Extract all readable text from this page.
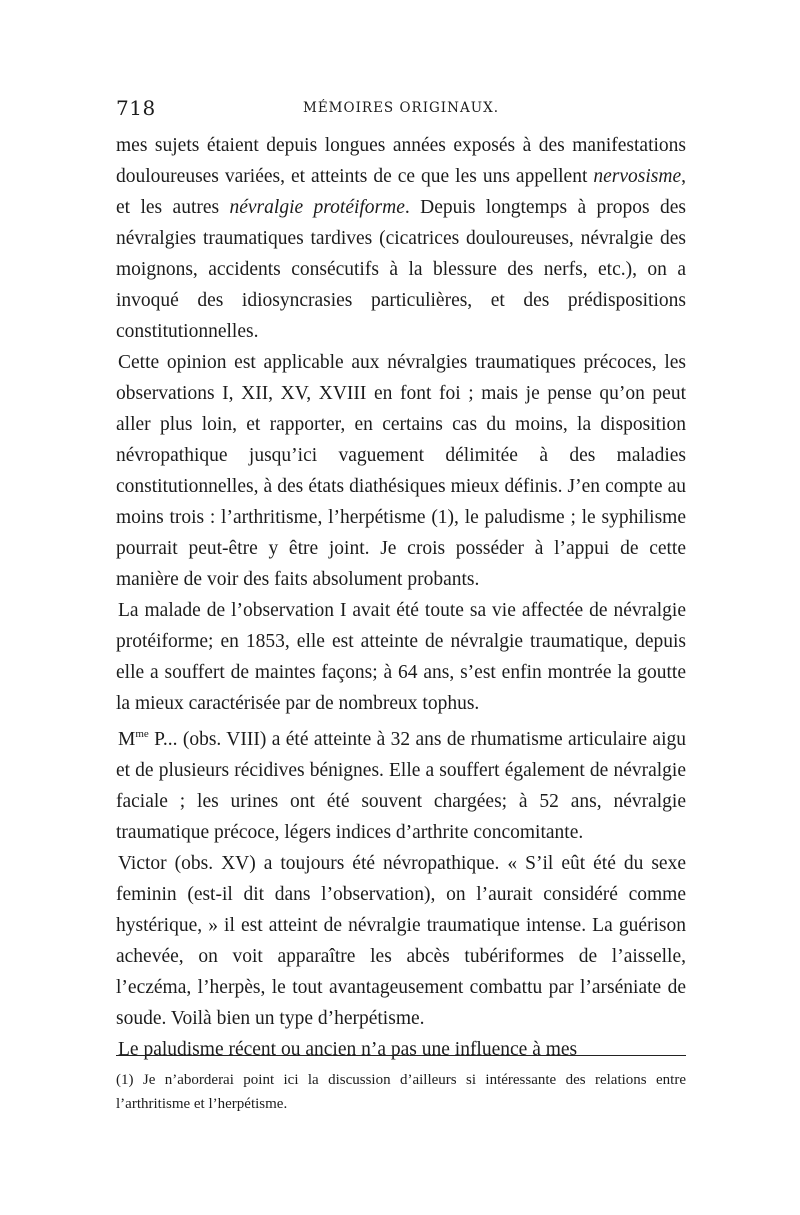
718	MÉMOIRES ORIGINAUX.

mes sujets étaient depuis longues années exposés à des manifestations douloureuses variées, et atteints de ce que les uns appellent nervosisme, et les autres névralgie protéiforme. Depuis longtemps à propos des névralgies traumatiques tardives (cicatrices douloureuses, névralgie des moignons, accidents consécutifs à la blessure des nerfs, etc.), on a invoqué des idiosyncrasies particulières, et des prédispositions constitutionnelles.

Cette opinion est applicable aux névralgies traumatiques précoces, les observations I, XII, XV, XVIII en font foi ; mais je pense qu’on peut aller plus loin, et rapporter, en certains cas du moins, la disposition névropathique jusqu’ici vaguement délimitée à des maladies constitutionnelles, à des états diathésiques mieux définis. J’en compte au moins trois : l’arthritisme, l’herpétisme (1), le paludisme ; le syphilisme pourrait peut-être y être joint. Je crois posséder à l’appui de cette manière de voir des faits absolument probants.

La malade de l’observation I avait été toute sa vie affectée de névralgie protéiforme; en 1853, elle est atteinte de névralgie traumatique, depuis elle a souffert de maintes façons; à 64 ans, s’est enfin montrée la goutte la mieux caractérisée par de nombreux tophus.

$M^{me}$ P... (obs. VIII) a été atteinte à 32 ans de rhumatisme articulaire aigu et de plusieurs récidives bénignes. Elle a souffert également de névralgie faciale ; les urines ont été souvent chargées; à 52 ans, névralgie traumatique précoce, légers indices d’arthrite concomitante.

Victor (obs. XV) a toujours été névropathique. « S’il eût été du sexe feminin (est-il dit dans l’observation), on l’aurait considéré comme hystérique, » il est atteint de névralgie traumatique intense. La guérison achevée, on voit apparaître les abcès tubériformes de l’aisselle, l’eczéma, l’herpès, le tout avantageusement combattu par l’arséniate de soude. Voilà bien un type d’herpétisme.

Le paludisme récent ou ancien n’a pas une influence à mes

(1) Je n’aborderai point ici la discussion d’ailleurs si intéressante des relations entre l’arthritisme et l’herpétisme.
